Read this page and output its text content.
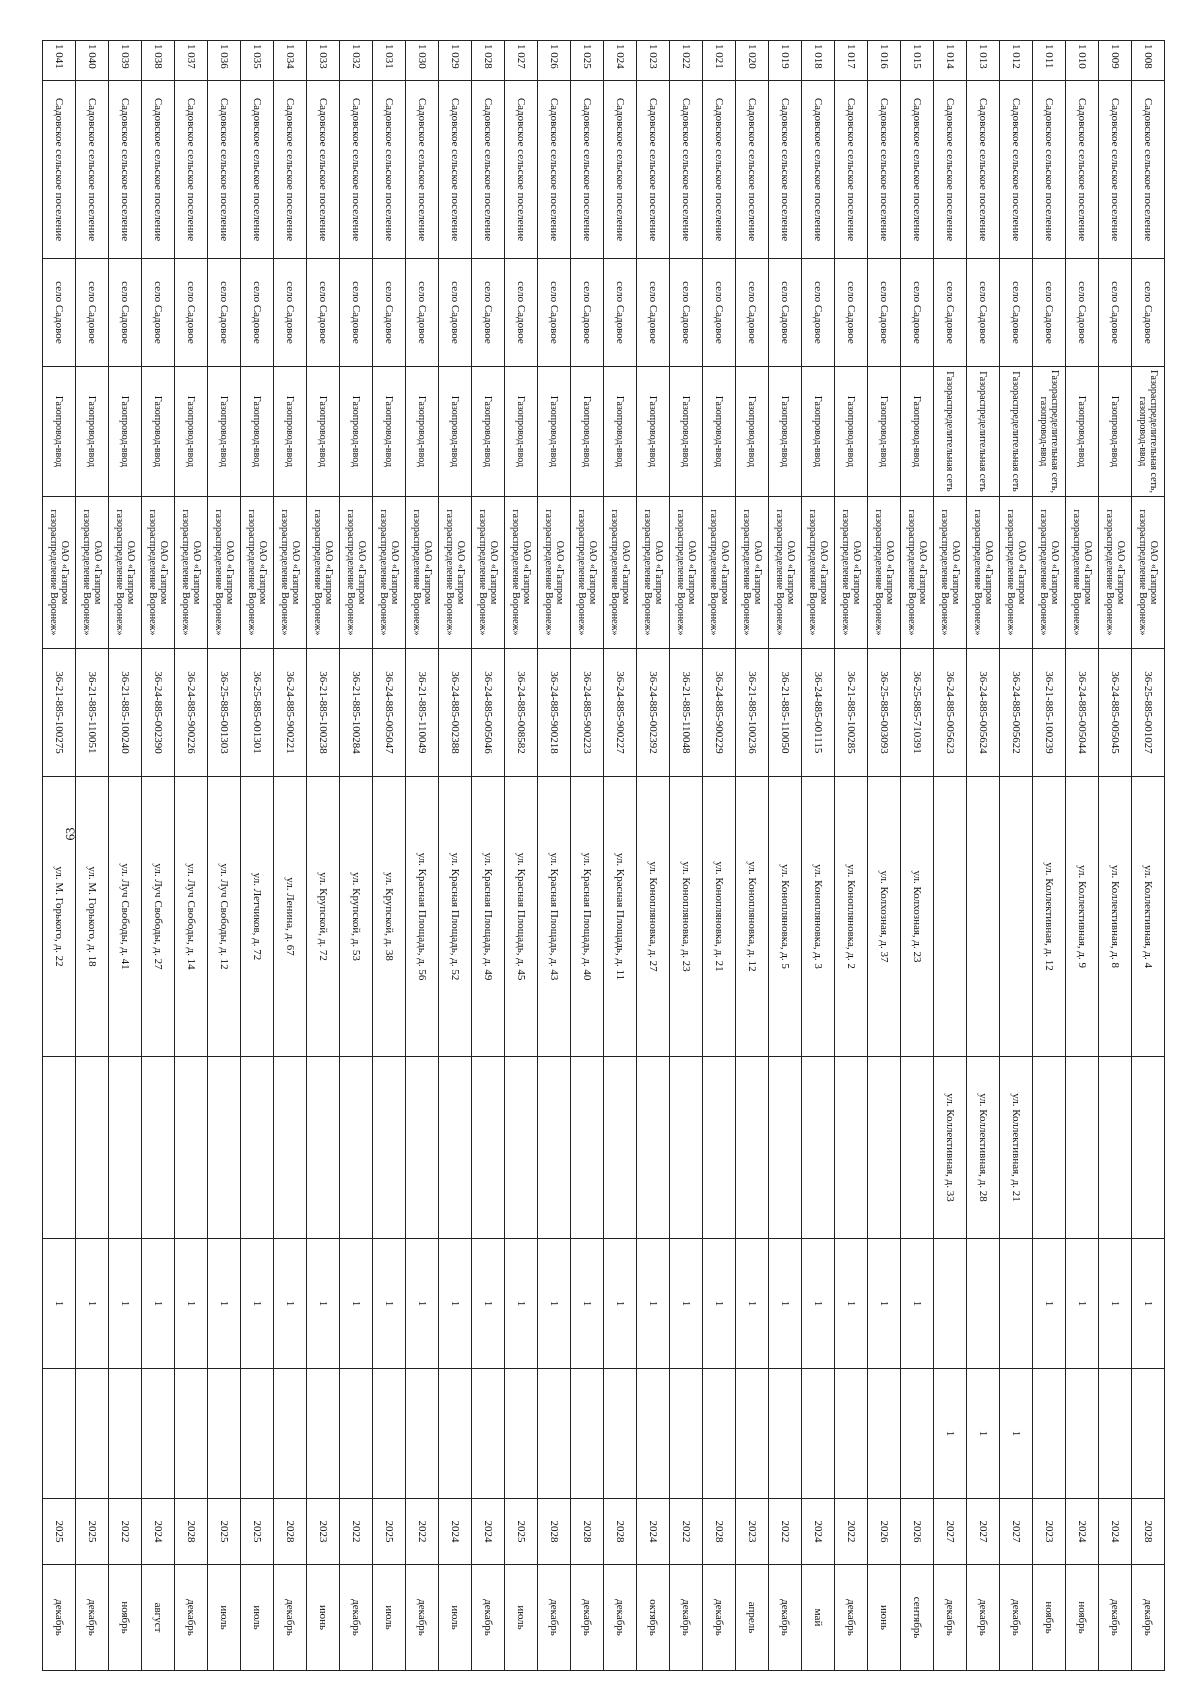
63
1 008	Садовское сельское поселение	село Садовое	Газораспределительная сеть, газопровод-ввод	ОАО «Газпром газораспределение Воронеж»	36-25-885-001027	ул. Коллективная, д. 4		1		2028	декабрь
1 009	Садовское сельское поселение	село Садовое	Газопровод-ввод	ОАО «Газпром газораспределение Воронеж»	36-24-885-005045	ул. Коллективная, д. 8		1		2024	декабрь
1 010	Садовское сельское поселение	село Садовое	Газопровод-ввод	ОАО «Газпром газораспределение Воронеж»	36-24-885-005044	ул. Коллективная, д. 9		1		2024	ноябрь
1 011	Садовское сельское поселение	село Садовое	Газораспределительная сеть, газопровод-ввод	ОАО «Газпром газораспределение Воронеж»	36-21-885-100239	ул. Коллективная, д. 12		1		2023	ноябрь
1 012	Садовское сельское поселение	село Садовое	Газораспределительная сеть	ОАО «Газпром газораспределение Воронеж»	36-24-885-005622		ул. Коллективная, д. 21		1	2027	декабрь
1 013	Садовское сельское поселение	село Садовое	Газораспределительная сеть	ОАО «Газпром газораспределение Воронеж»	36-24-885-005624		ул. Коллективная, д. 28		1	2027	декабрь
1 014	Садовское сельское поселение	село Садовое	Газораспределительная сеть	ОАО «Газпром газораспределение Воронеж»	36-24-885-005623		ул. Коллективная, д. 33		1	2027	декабрь
1 015	Садовское сельское поселение	село Садовое	Газопровод-ввод	ОАО «Газпром газораспределение Воронеж»	36-25-885-710391	ул. Колхозная, д. 23		1		2026	сентябрь
1 016	Садовское сельское поселение	село Садовое	Газопровод-ввод	ОАО «Газпром газораспределение Воронеж»	36-25-885-003093	ул. Колхозная, д. 37		1		2026	июнь
1 017	Садовское сельское поселение	село Садовое	Газопровод-ввод	ОАО «Газпром газораспределение Воронеж»	36-21-885-100285	ул. Конопляновка, д. 2		1		2022	декабрь
1 018	Садовское сельское поселение	село Садовое	Газопровод-ввод	ОАО «Газпром газораспределение Воронеж»	36-24-885-001115	ул. Конопляновка, д. 3		1		2024	май
1 019	Садовское сельское поселение	село Садовое	Газопровод-ввод	ОАО «Газпром газораспределение Воронеж»	36-21-885-110050	ул. Конопляновка, д. 5		1		2022	декабрь
1 020	Садовское сельское поселение	село Садовое	Газопровод-ввод	ОАО «Газпром газораспределение Воронеж»	36-21-885-100236	ул. Конопляновка, д. 12		1		2023	апрель
1 021	Садовское сельское поселение	село Садовое	Газопровод-ввод	ОАО «Газпром газораспределение Воронеж»	36-24-885-900229	ул. Конопляновка, д. 21		1		2028	декабрь
1 022	Садовское сельское поселение	село Садовое	Газопровод-ввод	ОАО «Газпром газораспределение Воронеж»	36-21-885-110048	ул. Конопляновка, д. 23		1		2022	декабрь
1 023	Садовское сельское поселение	село Садовое	Газопровод-ввод	ОАО «Газпром газораспределение Воронеж»	36-24-885-002392	ул. Конопляновка, д. 27		1		2024	октябрь
1 024	Садовское сельское поселение	село Садовое	Газопровод-ввод	ОАО «Газпром газораспределение Воронеж»	36-24-885-900227	ул. Красная Площадь, д. 11		1		2028	декабрь
1 025	Садовское сельское поселение	село Садовое	Газопровод-ввод	ОАО «Газпром газораспределение Воронеж»	36-24-885-900223	ул. Красная Площадь, д. 40		1		2028	декабрь
1 026	Садовское сельское поселение	село Садовое	Газопровод-ввод	ОАО «Газпром газораспределение Воронеж»	36-24-885-900218	ул. Красная Площадь, д. 43		1		2028	декабрь
1 027	Садовское сельское поселение	село Садовое	Газопровод-ввод	ОАО «Газпром газораспределение Воронеж»	36-24-885-008582	ул. Красная Площадь, д. 45		1		2025	июль
1 028	Садовское сельское поселение	село Садовое	Газопровод-ввод	ОАО «Газпром газораспределение Воронеж»	36-24-885-005046	ул. Красная Площадь, д. 49		1		2024	декабрь
1 029	Садовское сельское поселение	село Садовое	Газопровод-ввод	ОАО «Газпром газораспределение Воронеж»	36-24-885-002388	ул. Красная Площадь, д. 52		1		2024	июль
1 030	Садовское сельское поселение	село Садовое	Газопровод-ввод	ОАО «Газпром газораспределение Воронеж»	36-21-885-110049	ул. Красная Площадь, д. 56		1		2022	декабрь
1 031	Садовское сельское поселение	село Садовое	Газопровод-ввод	ОАО «Газпром газораспределение Воронеж»	36-24-885-005047	ул. Крупской, д. 38		1		2025	июль
1 032	Садовское сельское поселение	село Садовое	Газопровод-ввод	ОАО «Газпром газораспределение Воронеж»	36-21-885-100284	ул. Крупской, д. 53		1		2022	декабрь
1 033	Садовское сельское поселение	село Садовое	Газопровод-ввод	ОАО «Газпром газораспределение Воронеж»	36-21-885-100238	ул. Крупской, д. 72		1		2023	июнь
1 034	Садовское сельское поселение	село Садовое	Газопровод-ввод	ОАО «Газпром газораспределение Воронеж»	36-24-885-900221	ул. Ленина, д. 67		1		2028	декабрь
1 035	Садовское сельское поселение	село Садовое	Газопровод-ввод	ОАО «Газпром газораспределение Воронеж»	36-25-885-001301	ул. Летчиков, д. 72		1		2025	июль
1 036	Садовское сельское поселение	село Садовое	Газопровод-ввод	ОАО «Газпром газораспределение Воронеж»	36-25-885-001303	ул. Луч Свободы, д. 12		1		2025	июль
1 037	Садовское сельское поселение	село Садовое	Газопровод-ввод	ОАО «Газпром газораспределение Воронеж»	36-24-885-900226	ул. Луч Свободы, д. 14		1		2028	декабрь
1 038	Садовское сельское поселение	село Садовое	Газопровод-ввод	ОАО «Газпром газораспределение Воронеж»	36-24-885-002390	ул. Луч Свободы, д. 27		1		2024	август
1 039	Садовское сельское поселение	село Садовое	Газопровод-ввод	ОАО «Газпром газораспределение Воронеж»	36-21-885-100240	ул. Луч Свободы, д. 41		1		2022	ноябрь
1 040	Садовское сельское поселение	село Садовое	Газопровод-ввод	ОАО «Газпром газораспределение Воронеж»	36-21-885-110051	ул. М. Горького, д. 18		1		2025	декабрь
1 041	Садовское сельское поселение	село Садовое	Газопровод-ввод	ОАО «Газпром газораспределение Воронеж»	36-21-885-100275	ул. М. Горького, д. 22		1		2025	декабрь
